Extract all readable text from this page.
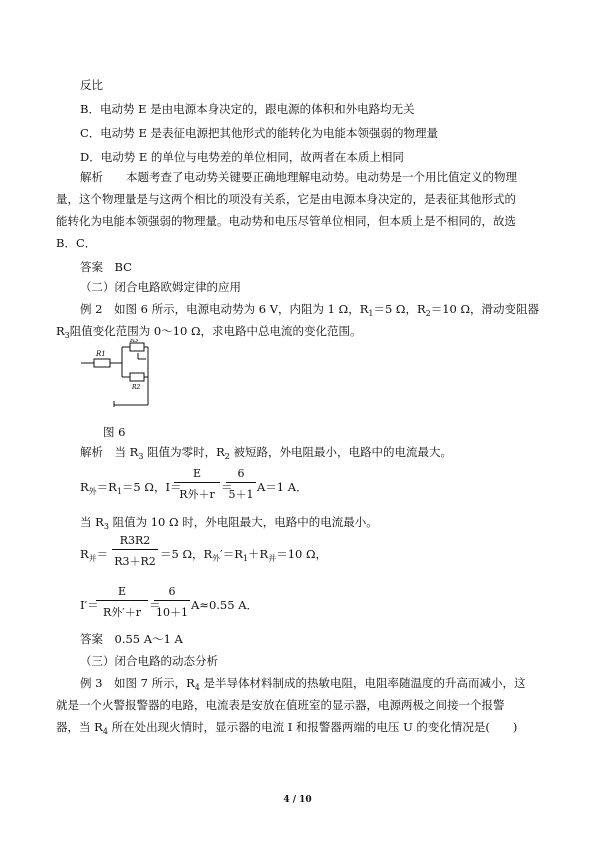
反比
B．电动势 E 是由电源本身决定的，跟电源的体积和外电路均无关
C．电动势 E 是表征电源把其他形式的能转化为电能本领强弱的物理量
D．电动势 E 的单位与电势差的单位相同，故两者在本质上相同
解析　　本题考查了电动势关键要正确地理解电动势。电动势是一个用比值定义的物理
量，这个物理量是与这两个相比的项没有关系，它是由电源本身决定的，是表征其他形式的
能转化为电能本领强弱的物理量。电动势和电压尽管单位相同，但本质上是不相同的，故选
B．C．
答案　BC
（二）闭合电路欧姆定律的应用
例 2　如图 6 所示，电源电动势为 6 V，内阻为 1 Ω，$R_1=5$ Ω，$R_2=10$ Ω，滑动变阻器
$R_3$阻值变化范围为 0～10 Ω，求电路中总电流的变化范围。
R1
R3
R2
图 6
解析　当 $R_3$ 阻值为零时，$R_2$ 被短路，外电阻最小，电路中的电流最大。
$R_外=R_1=5$ Ω，I＝
E
R外＋r
＝
6
5＋1
A＝1 A．
当 $R_3$ 阻值为 10 Ω 时，外电阻最大，电路中的电流最小。
$R_并=$
R3R2
R3＋R2
＝5 Ω，$R_外'=R_1+R_并=10$ Ω，
I′＝
E
R外′＋r
＝
6
10＋1
A≈0.55 A．
答案　0.55 A～1 A
（三）闭合电路的动态分析
例 3　如图 7 所示，$R_4$ 是半导体材料制成的热敏电阻，电阻率随温度的升高而减小，这
就是一个火警报警器的电路，电流表是安放在值班室的显示器，电源两极之间接一个报警
器，当 $R_4$ 所在处出现火情时，显示器的电流 I 和报警器两端的电压 U 的变化情况是(　　)
4 / 10
